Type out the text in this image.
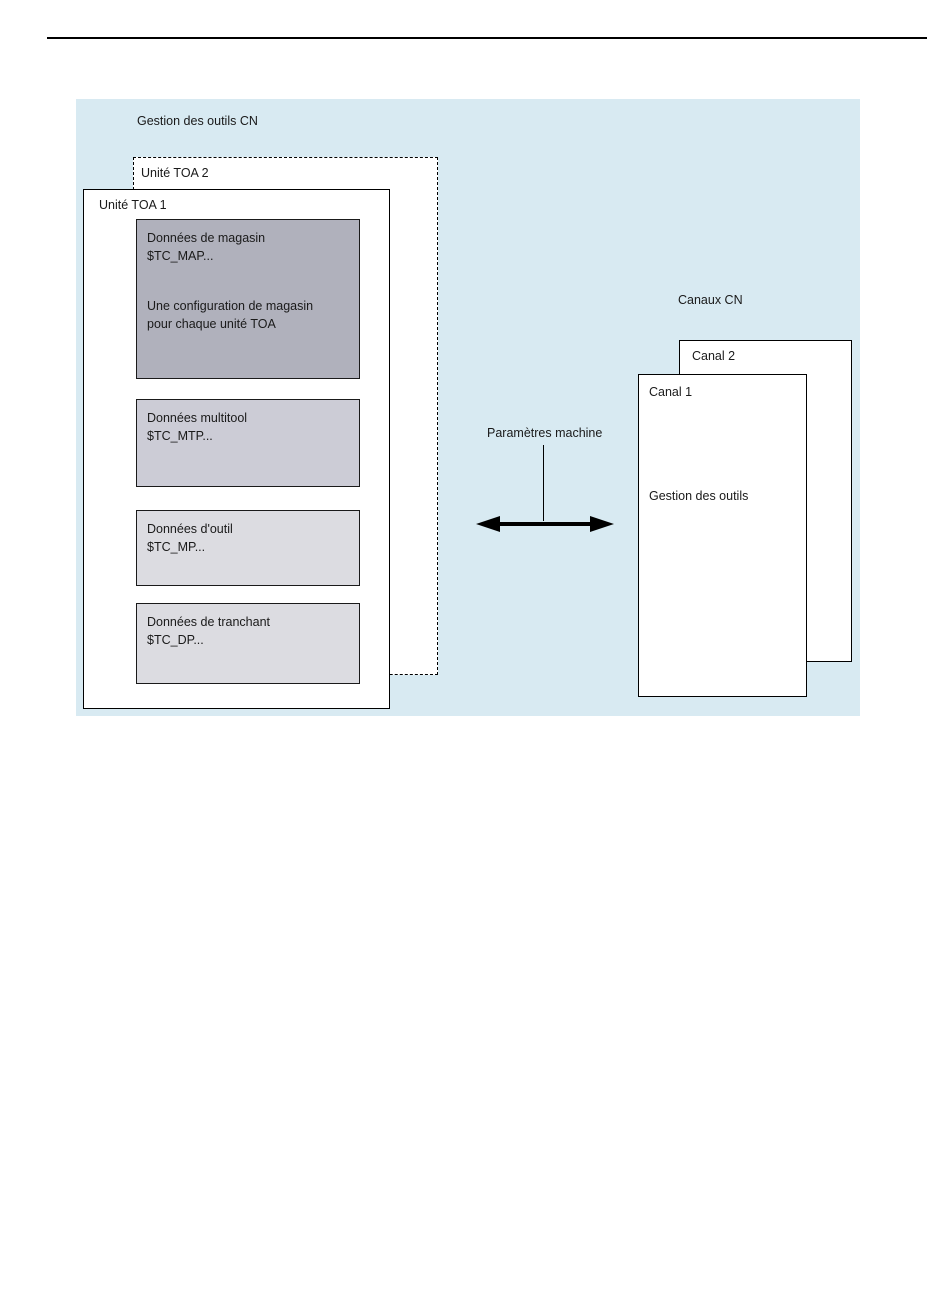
Gestion des outils CN
Unité TOA 2
Unité TOA 1
Données de magasin
$TC_MAP...
Une configuration de magasin
pour chaque unité TOA
Données multitool
$TC_MTP...
Données d'outil
$TC_MP...
Données de tranchant
$TC_DP...
Paramètres machine
Canaux CN
Canal 2
Canal 1
Gestion des outils
